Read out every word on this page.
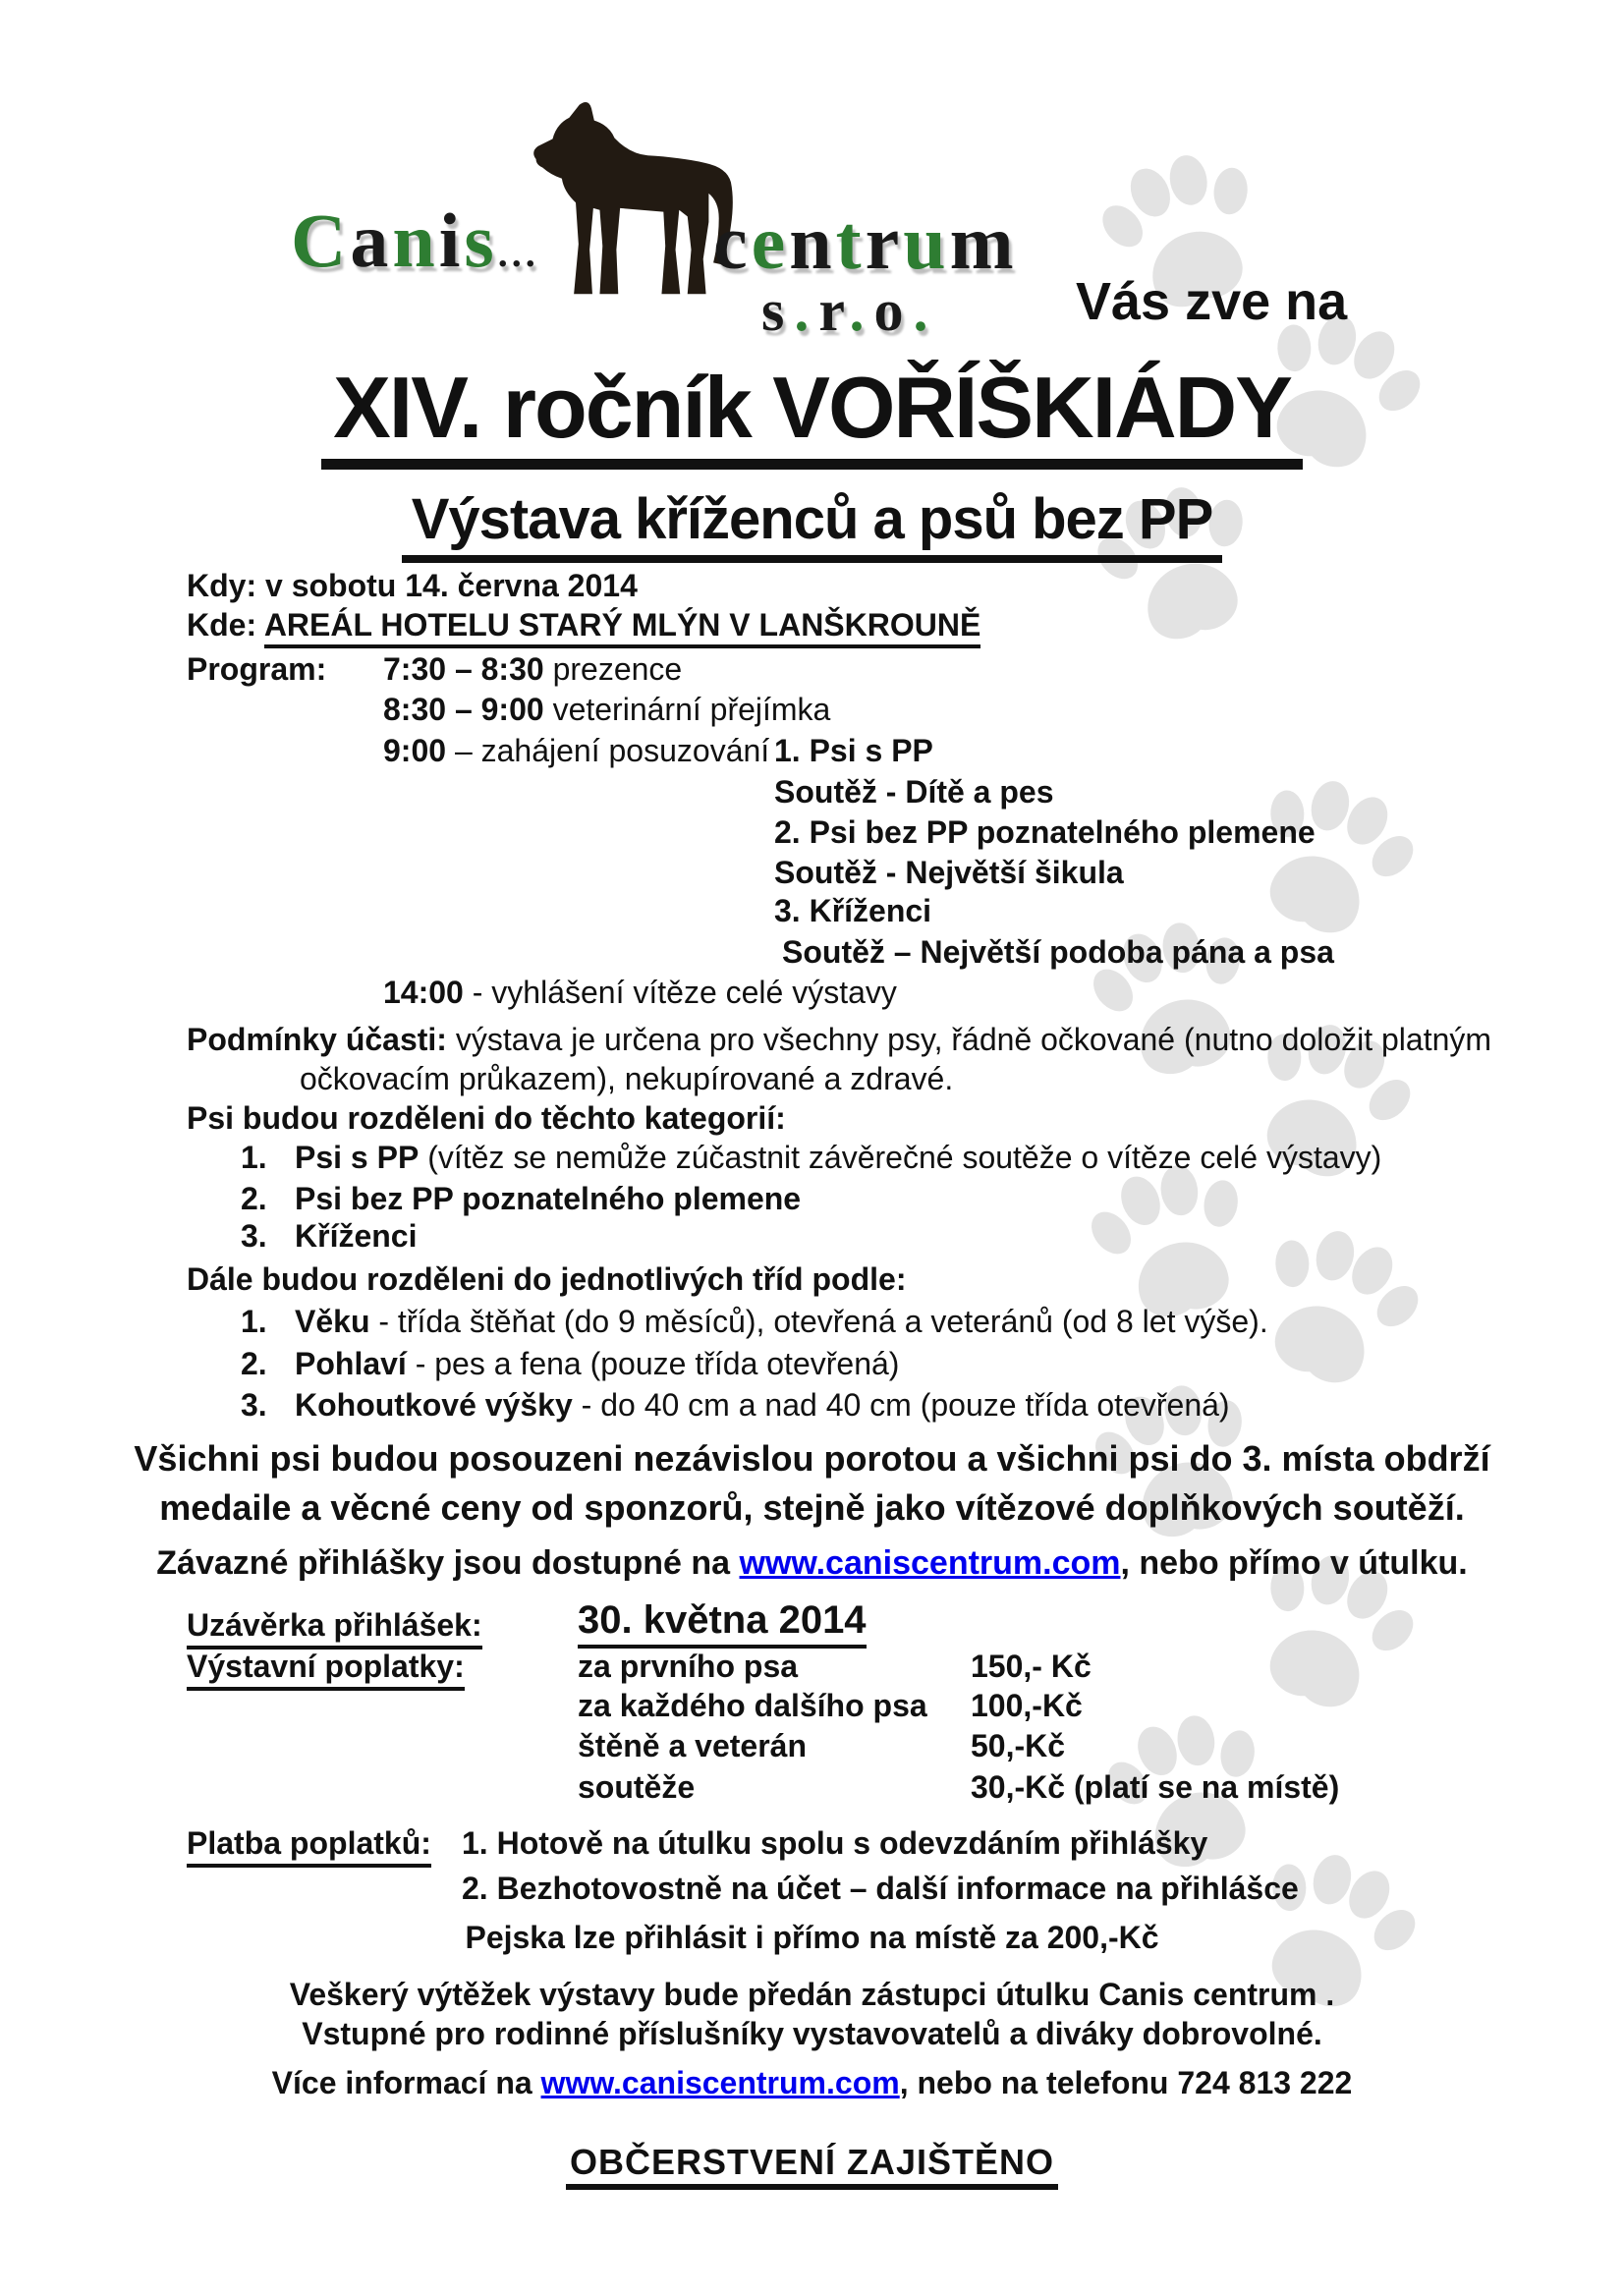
Canis... centrum
s.r.o.	Vás zve na
XIV. ročník VOŘÍŠKIÁDY
Výstava kříženců a psů bez PP
Kdy: v sobotu 14. června 2014
Kde: AREÁL HOTELU STARÝ MLÝN V LANŠKROUNĚ
Program: 7:30 – 8:30 prezence
8:30 – 9:00 veterinární přejímka
9:00 – zahájení posuzování 1. Psi s PP
Soutěž - Dítě a pes
2. Psi bez PP poznatelného plemene
Soutěž - Největší šikula
3. Kříženci
Soutěž – Největší podoba pána a psa
14:00 - vyhlášení vítěze celé výstavy
Podmínky účasti: výstava je určena pro všechny psy, řádně očkované (nutno doložit platným
očkovacím průkazem), nekupírované a zdravé.
Psi budou rozděleni do těchto kategorií:
1. Psi s PP (vítěz se nemůže zúčastnit závěrečné soutěže o vítěze celé výstavy)
2. Psi bez PP poznatelného plemene
3. Kříženci
Dále budou rozděleni do jednotlivých tříd podle:
1. Věku - třída štěňat (do 9 měsíců), otevřená a veteránů (od 8 let výše).
2. Pohlaví - pes a fena (pouze třída otevřená)
3. Kohoutkové výšky - do 40 cm a nad 40 cm (pouze třída otevřená)
Všichni psi budou posouzeni nezávislou porotou a všichni psi do 3. místa obdrží
medaile a věcné ceny od sponzorů, stejně jako vítězové doplňkových soutěží.
Závazné přihlášky jsou dostupné na www.caniscentrum.com, nebo přímo v útulku.
Uzávěrka přihlášek: 30. května 2014
Výstavní poplatky:	za prvního psa	150,- Kč
za každého dalšího psa 100,-Kč
štěně a veterán	50,-Kč
soutěže	30,-Kč (platí se na místě)
Platba poplatků: 1. Hotově na útulku spolu s odevzdáním přihlášky
2. Bezhotovostně na účet – další informace na přihlášce
Pejska lze přihlásit i přímo na místě za 200,-Kč
Veškerý výtěžek výstavy bude předán zástupci útulku Canis centrum .
Vstupné pro rodinné příslušníky vystavovatelů a diváky dobrovolné.
Více informací na www.caniscentrum.com, nebo na telefonu 724 813 222
OBČERSTVENÍ ZAJIŠTĚNO
